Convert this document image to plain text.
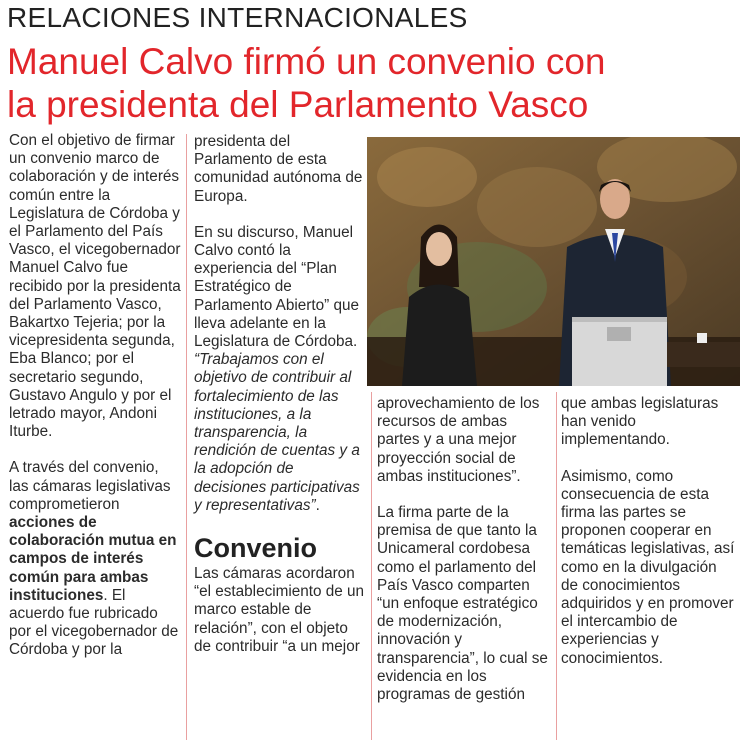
RELACIONES INTERNACIONALES
Manuel Calvo firmó un convenio con
la presidenta del Parlamento Vasco

Con el objetivo de firmar un convenio marco de colaboración y de interés común entre la Legislatura de Córdoba y el Parlamento del País Vasco, el vicegobernador Manuel Calvo fue recibido por la presidenta del Parlamento Vasco, Bakartxo Tejeria; por la vicepresidenta segunda, Eba Blanco; por el secretario segundo, Gustavo Angulo y por el letrado mayor, Andoni Iturbe.

A través del convenio, las cámaras legislativas comprometieron acciones de colaboración mutua en campos de interés común para ambas instituciones. El acuerdo fue rubricado por el vicegobernador de Córdoba y por la

presidenta del Parlamento de esta comunidad autónoma de Europa.

En su discurso, Manuel Calvo contó la experiencia del “Plan Estratégico de Parlamento Abierto” que lleva adelante en la Legislatura de Córdoba. “Trabajamos con el objetivo de contribuir al fortalecimiento de las instituciones, a la transparencia, la rendición de cuentas y a la adopción de decisiones participativas y representativas”.

Convenio

Las cámaras acordaron “el establecimiento de un marco estable de relación”, con el objeto de contribuir “a un mejor

aprovechamiento de los recursos de ambas partes y a una mejor proyección social de ambas instituciones”.

La firma parte de la premisa de que tanto la Unicameral cordobesa como el parlamento del País Vasco comparten “un enfoque estratégico de modernización, innovación y transparencia”, lo cual se evidencia en los programas de gestión

que ambas legislaturas han venido implementando.

Asimismo, como consecuencia de esta firma las partes se proponen cooperar en temáticas legislativas, así como en la divulgación de conocimientos adquiridos y en promover el intercambio de experiencias y conocimientos.
